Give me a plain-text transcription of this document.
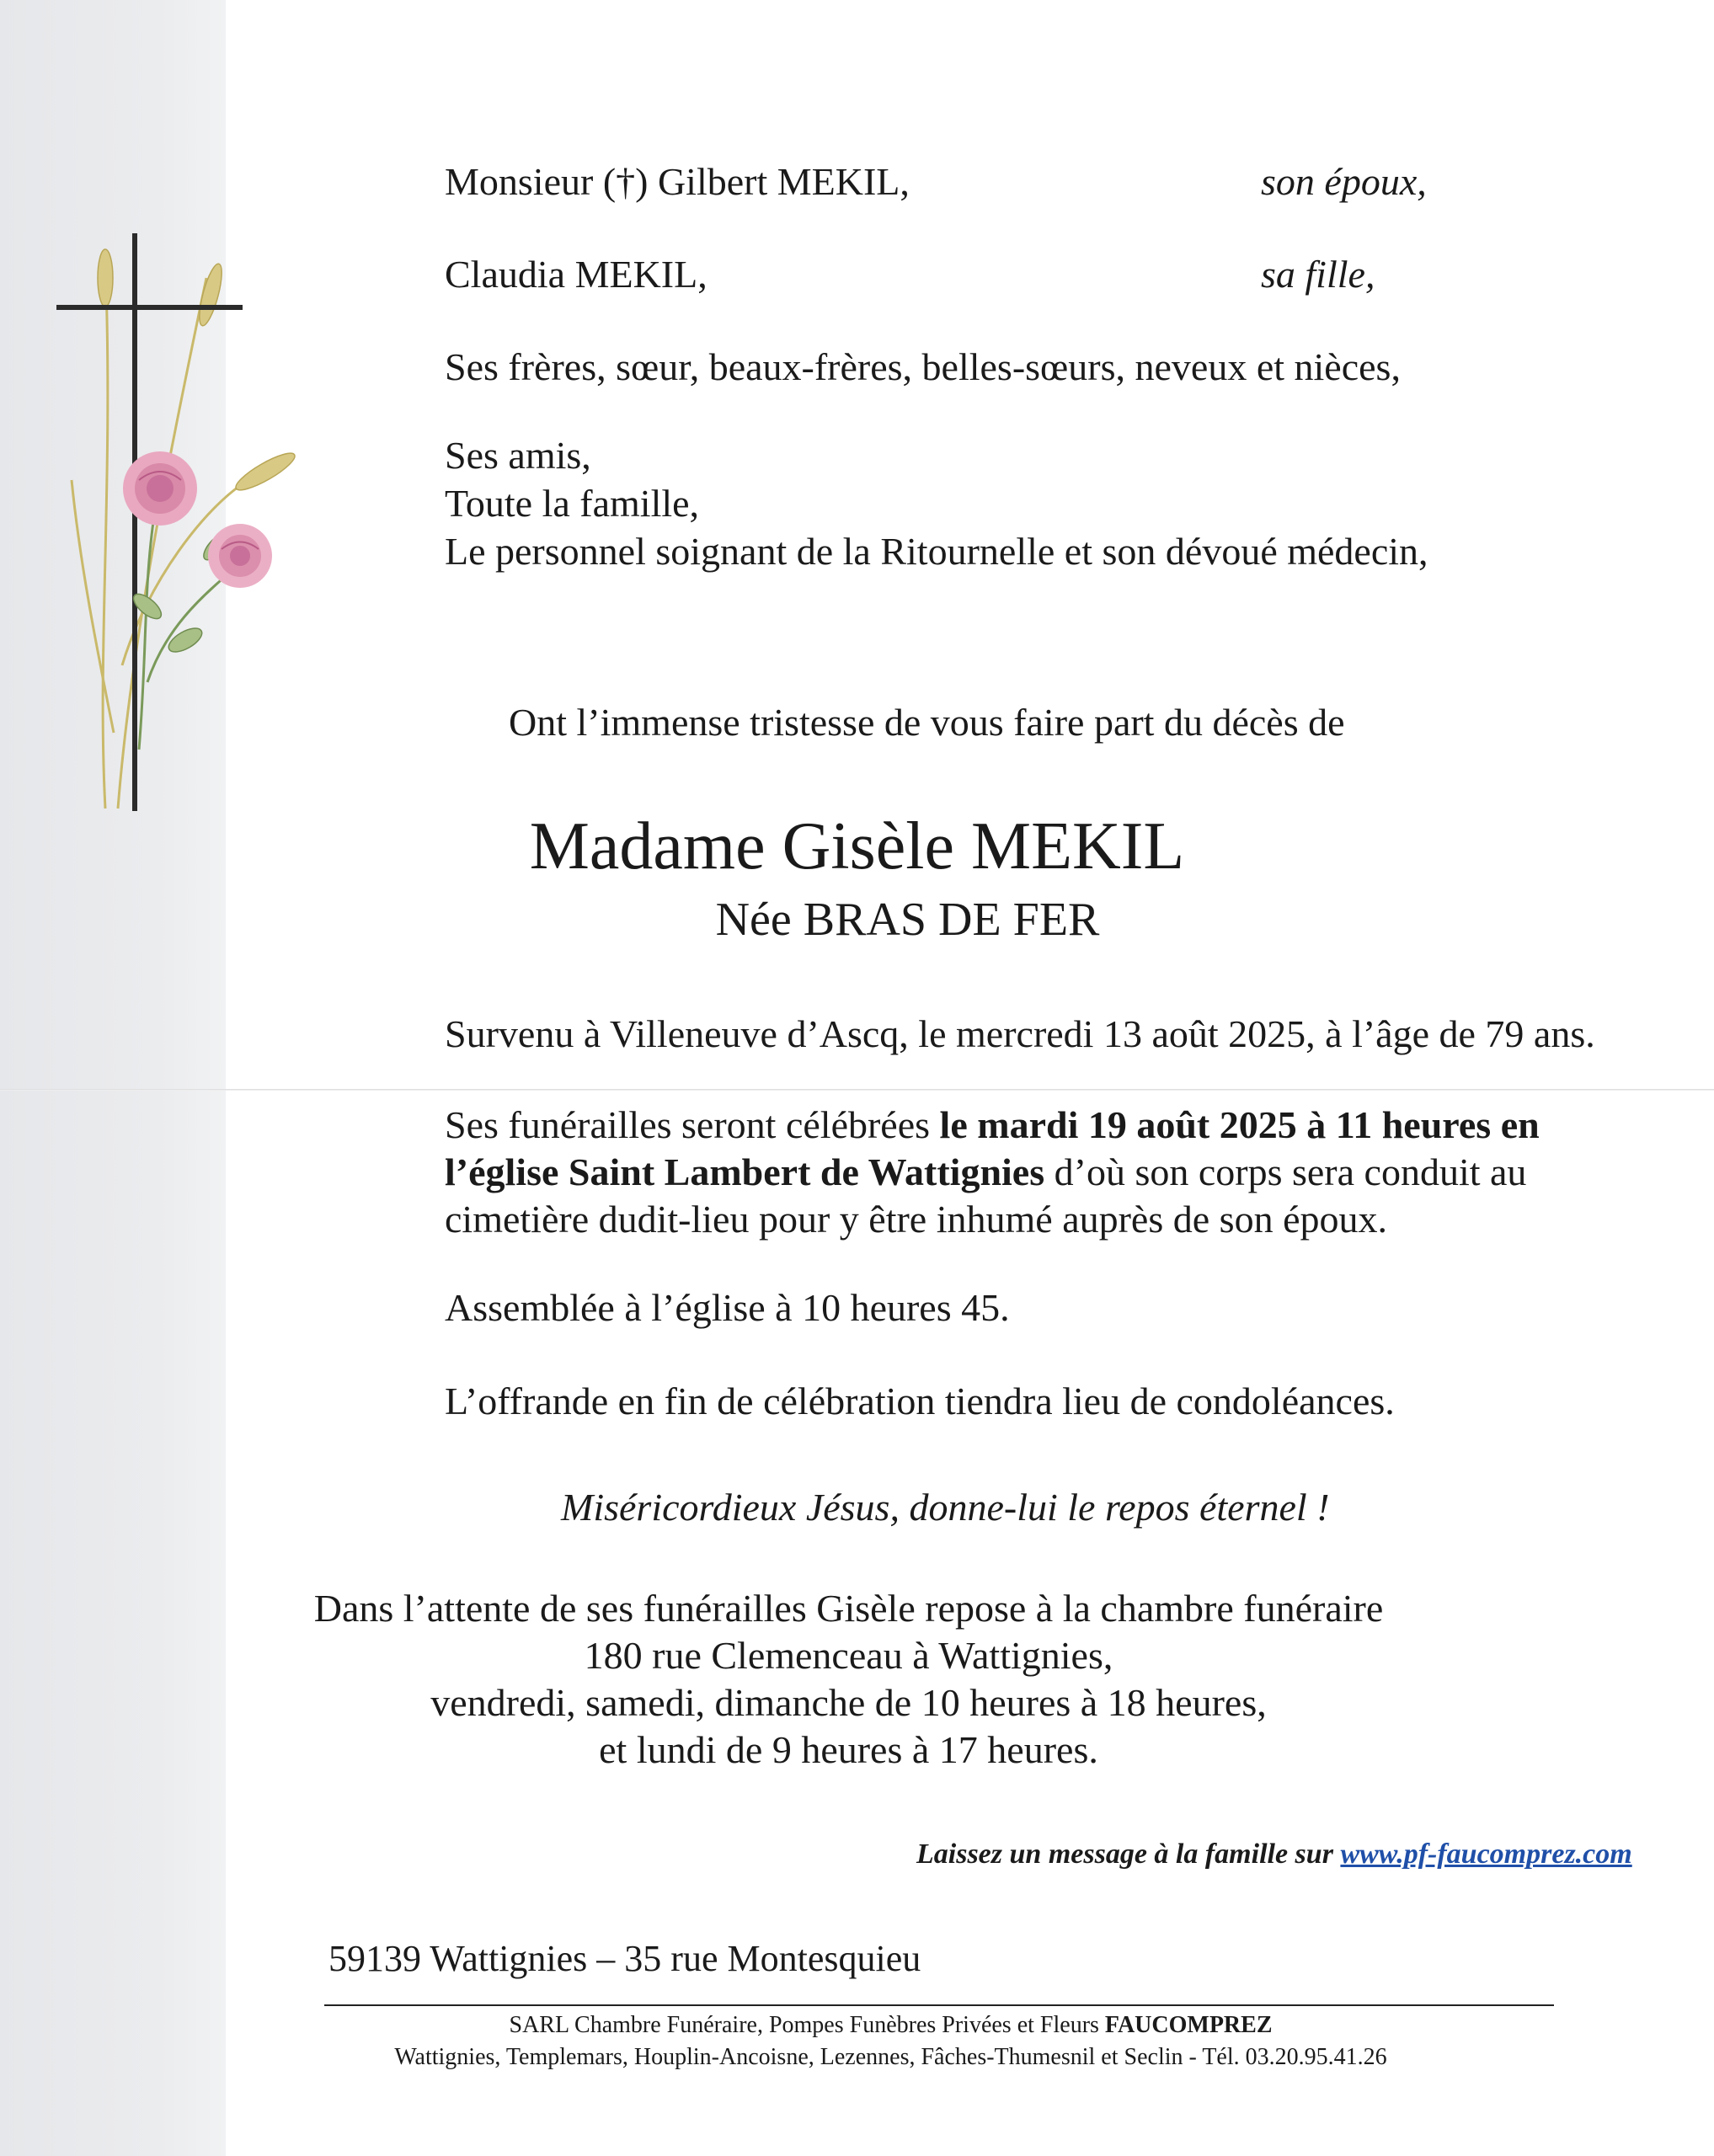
Monsieur (†) Gilbert MEKIL,	son époux,
Claudia MEKIL,	sa fille,
Ses frères, sœur, beaux-frères, belles-sœurs, neveux et nièces,
Ses amis,
Toute la famille,
Le personnel soignant de la Ritournelle et son dévoué médecin,
Ont l’immense tristesse de vous faire part du décès de
Madame Gisèle MEKIL
Née BRAS DE FER
Survenu à Villeneuve d’Ascq, le mercredi 13 août 2025, à l’âge de 79 ans.
Ses funérailles seront célébrées le mardi 19 août 2025 à 11 heures en
l’église Saint Lambert de Wattignies d’où son corps sera conduit au
cimetière dudit-lieu pour y être inhumé auprès de son époux.
Assemblée à l’église à 10 heures 45.
L’offrande en fin de célébration tiendra lieu de condoléances.
Miséricordieux Jésus, donne-lui le repos éternel !
Dans l’attente de ses funérailles Gisèle repose à la chambre funéraire
180 rue Clemenceau à Wattignies,
vendredi, samedi, dimanche de 10 heures à 18 heures,
et lundi de 9 heures à 17 heures.
Laissez un message à la famille sur www.pf-faucomprez.com
59139 Wattignies – 35 rue Montesquieu
SARL Chambre Funéraire, Pompes Funèbres Privées et Fleurs FAUCOMPREZ
Wattignies, Templemars, Houplin-Ancoisne, Lezennes, Fâches-Thumesnil et Seclin - Tél. 03.20.95.41.26
